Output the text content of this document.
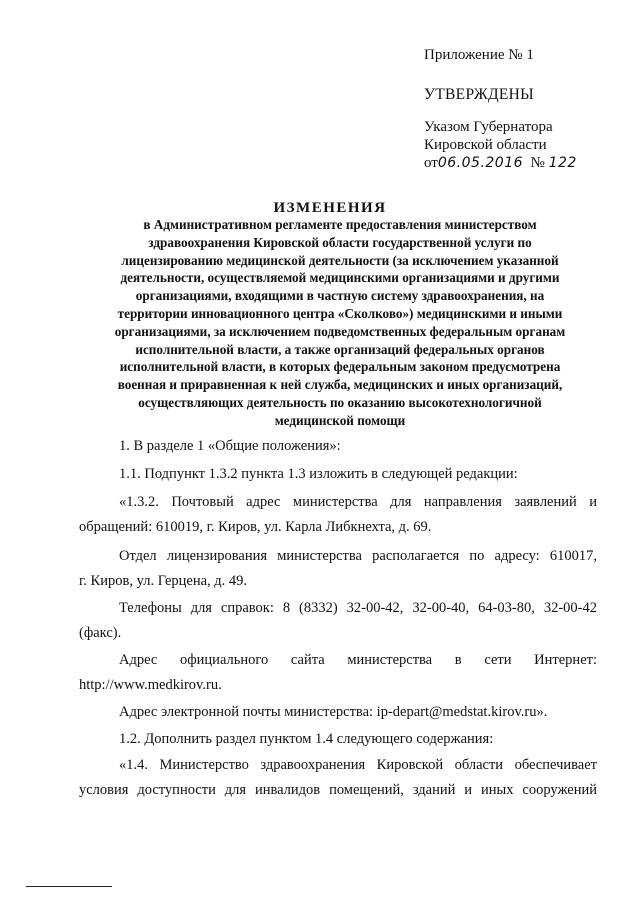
Приложение № 1
УТВЕРЖДЕНЫ
Указом Губернатора
Кировской области
от06.05.2016 № 122
ИЗМЕНЕНИЯ
в Административном регламенте предоставления министерством
здравоохранения Кировской области государственной услуги по
лицензированию медицинской деятельности (за исключением указанной
деятельности, осуществляемой медицинскими организациями и другими
организациями, входящими в частную систему здравоохранения, на
территории инновационного центра «Сколково») медицинскими и иными
организациями, за исключением подведомственных федеральным органам
исполнительной власти, а также организаций федеральных органов
исполнительной власти, в которых федеральным законом предусмотрена
военная и приравненная к ней служба, медицинских и иных организаций,
осуществляющих деятельность по оказанию высокотехнологичной
медицинской помощи
1. В разделе 1 «Общие положения»:
1.1. Подпункт 1.3.2 пункта 1.3 изложить в следующей редакции:
«1.3.2. Почтовый адрес министерства для направления заявлений и
обращений: 610019, г. Киров, ул. Карла Либкнехта, д. 69.
Отдел лицензирования министерства располагается по адресу: 610017,
г. Киров, ул. Герцена, д. 49.
Телефоны для справок: 8 (8332) 32-00-42, 32-00-40, 64-03-80, 32-00-42
(факс).
Адрес официального сайта министерства в сети Интернет:
http://www.medkirov.ru.
Адрес электронной почты министерства: ip-depart@medstat.kirov.ru».
1.2. Дополнить раздел пунктом 1.4 следующего содержания:
«1.4. Министерство здравоохранения Кировской области обеспечивает
условия доступности для инвалидов помещений, зданий и иных сооружений
